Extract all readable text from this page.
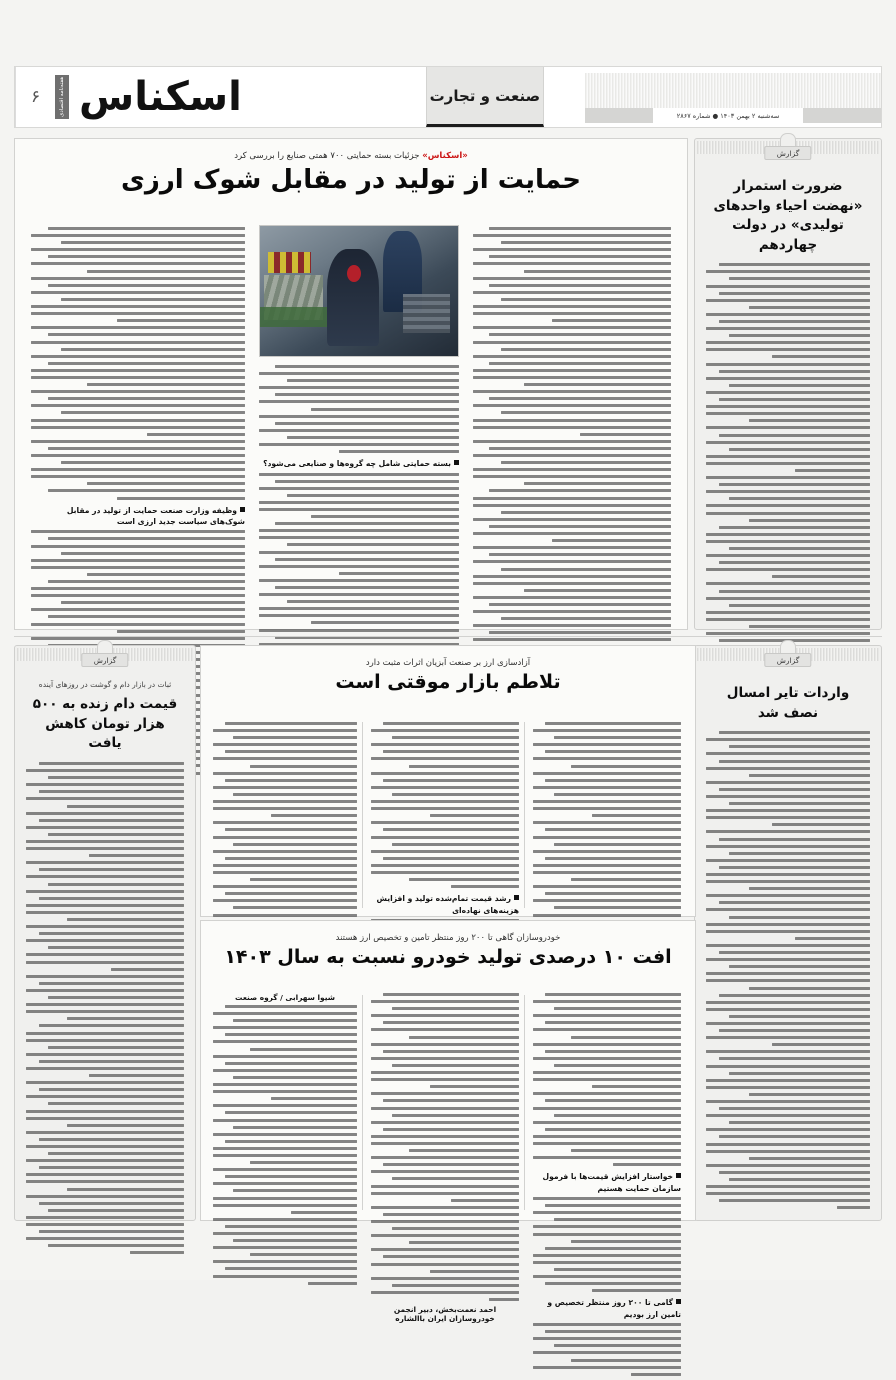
۶	هفته‌نامه اقتصادی اسکناس	صنعت و تجارت
سه‌شنبه ۲ بهمن ۱۴۰۳ ● شماره ۲۸۶۷
گزارش
ضرورت استمرار «نهضت احیاء واحدهای تولیدی» در دولت چهاردهم
گزارش
واردات تایر امسال نصف شد
«اسکناس» جزئیات بسته حمایتی ۷۰۰ همتی صنایع را بررسی کرد
حمایت از تولید در مقابل شوک ارزی
بسته حمایتی شامل چه گروه‌ها و صنایعی می‌شود؟
وظیفه وزارت صنعت حمایت از تولید در مقابل شوک‌های سیاست جدید ارزی است
گزارش
ثبات در بازار دام و گوشت در روزهای آینده
قیمت دام زنده به ۵۰۰ هزار تومان کاهش یافت
آزادسازی ارز بر صنعت آبزیان اثرات مثبت دارد
تلاطم بازار موقتی است
رشد قیمت تمام‌شده تولید و افزایش هزینه‌های نهاده‌ای
خودروسازان گاهی تا ۲۰۰ روز منتظر تامین و تخصیص ارز هستند
افت ۱۰ درصدی تولید خودرو نسبت به سال ۱۴۰۳
خواستار افزایش قیمت‌ها با فرمول سازمان حمایت هستیم
گامی تا ۲۰۰ روز منتظر تخصیص و تامین ارز بودیم
احمد نعمت‌بخش، دبیر انجمن خودروسازان ایران باالشاره
شیوا سهرابی / گروه صنعت
